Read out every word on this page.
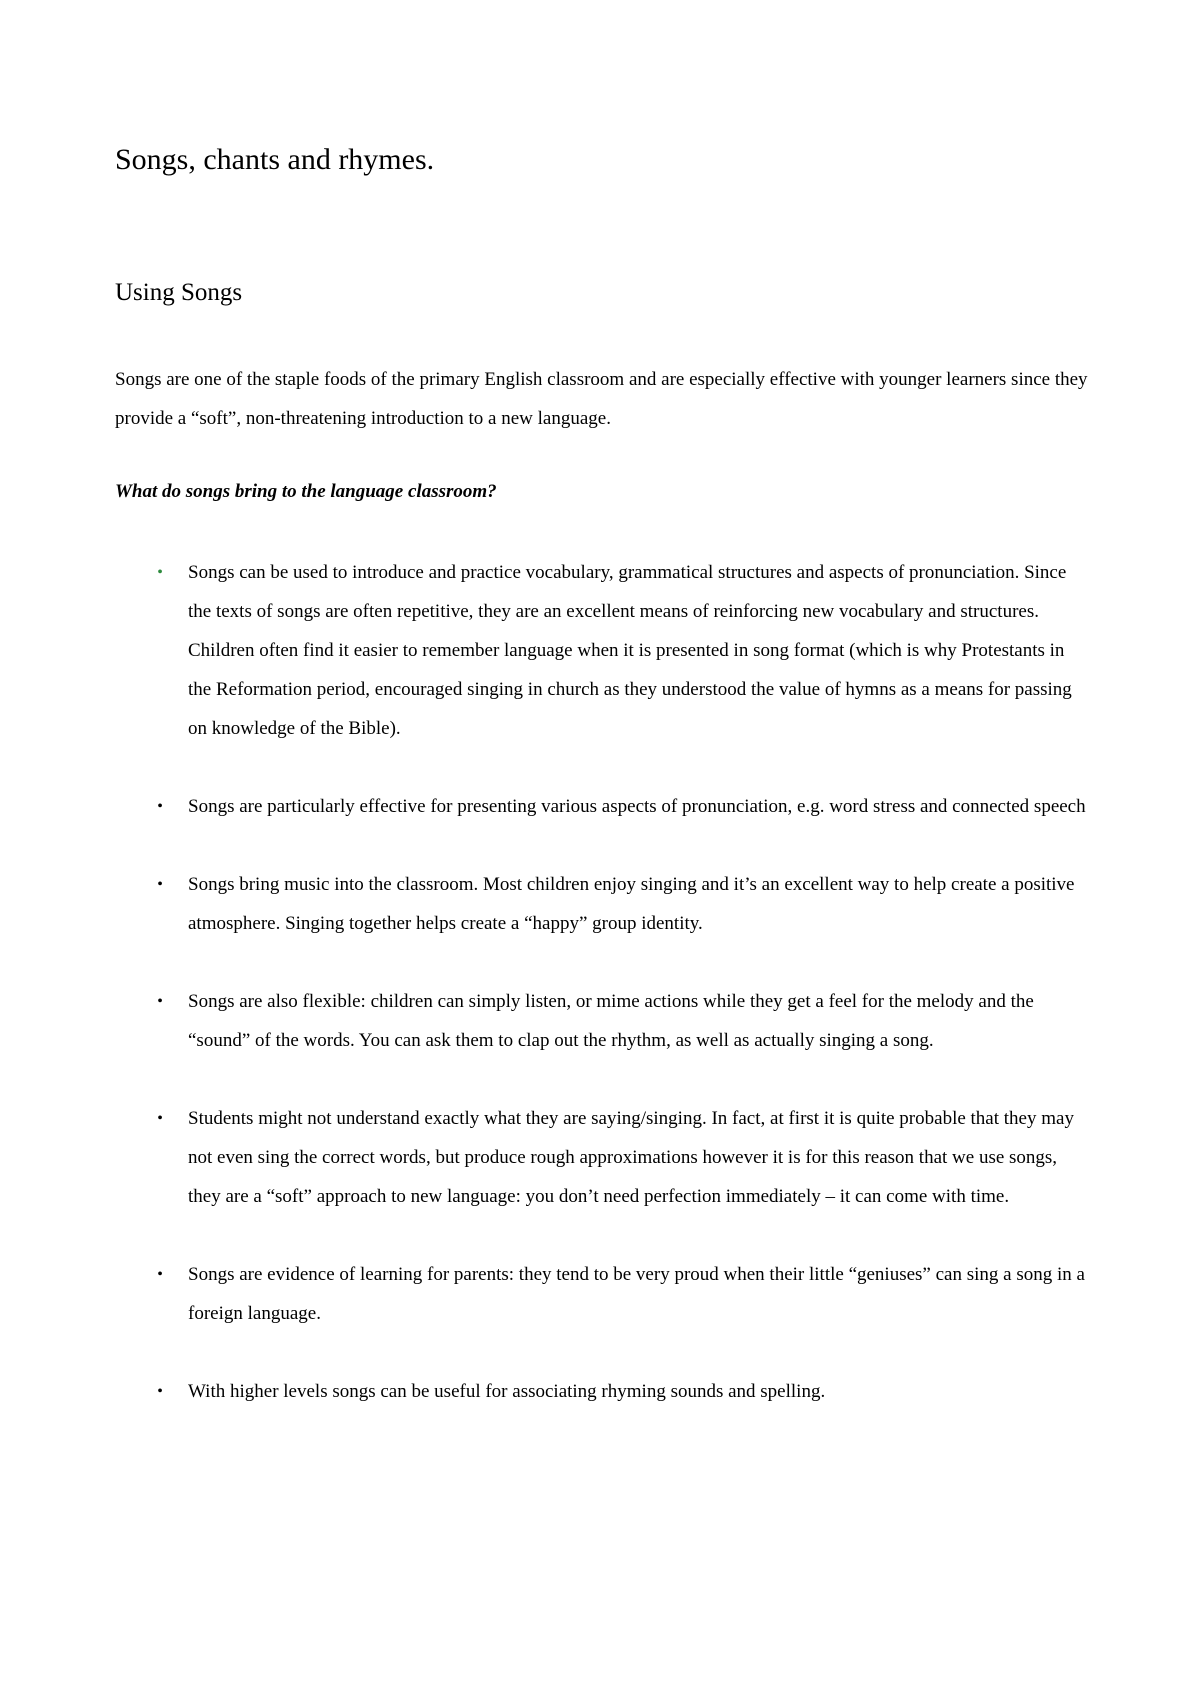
Songs, chants and rhymes.
Using Songs

Songs are one of the staple foods of the primary English classroom and are especially effective with younger learners since they provide a “soft”, non-threatening introduction to a new language.

What do songs bring to the language classroom?

• Songs can be used to introduce and practice vocabulary, grammatical structures and aspects of pronunciation. Since the texts of songs are often repetitive, they are an excellent means of reinforcing new vocabulary and structures. Children often find it easier to remember language when it is presented in song format (which is why Protestants in the Reformation period, encouraged singing in church as they understood the value of hymns as a means for passing on knowledge of the Bible).
• Songs are particularly effective for presenting various aspects of pronunciation, e.g. word stress and connected speech
• Songs bring music into the classroom. Most children enjoy singing and it’s an excellent way to help create a positive atmosphere. Singing together helps create a “happy” group identity.
• Songs are also flexible: children can simply listen, or mime actions while they get a feel for the melody and the “sound” of the words. You can ask them to clap out the rhythm, as well as actually singing a song.
• Students might not understand exactly what they are saying/singing. In fact, at first it is quite probable that they may not even sing the correct words, but produce rough approximations however it is for this reason that we use songs, they are a “soft” approach to new language: you don’t need perfection immediately – it can come with time.
• Songs are evidence of learning for parents: they tend to be very proud when their little “geniuses” can sing a song in a foreign language.
• With higher levels songs can be useful for associating rhyming sounds and spelling.
